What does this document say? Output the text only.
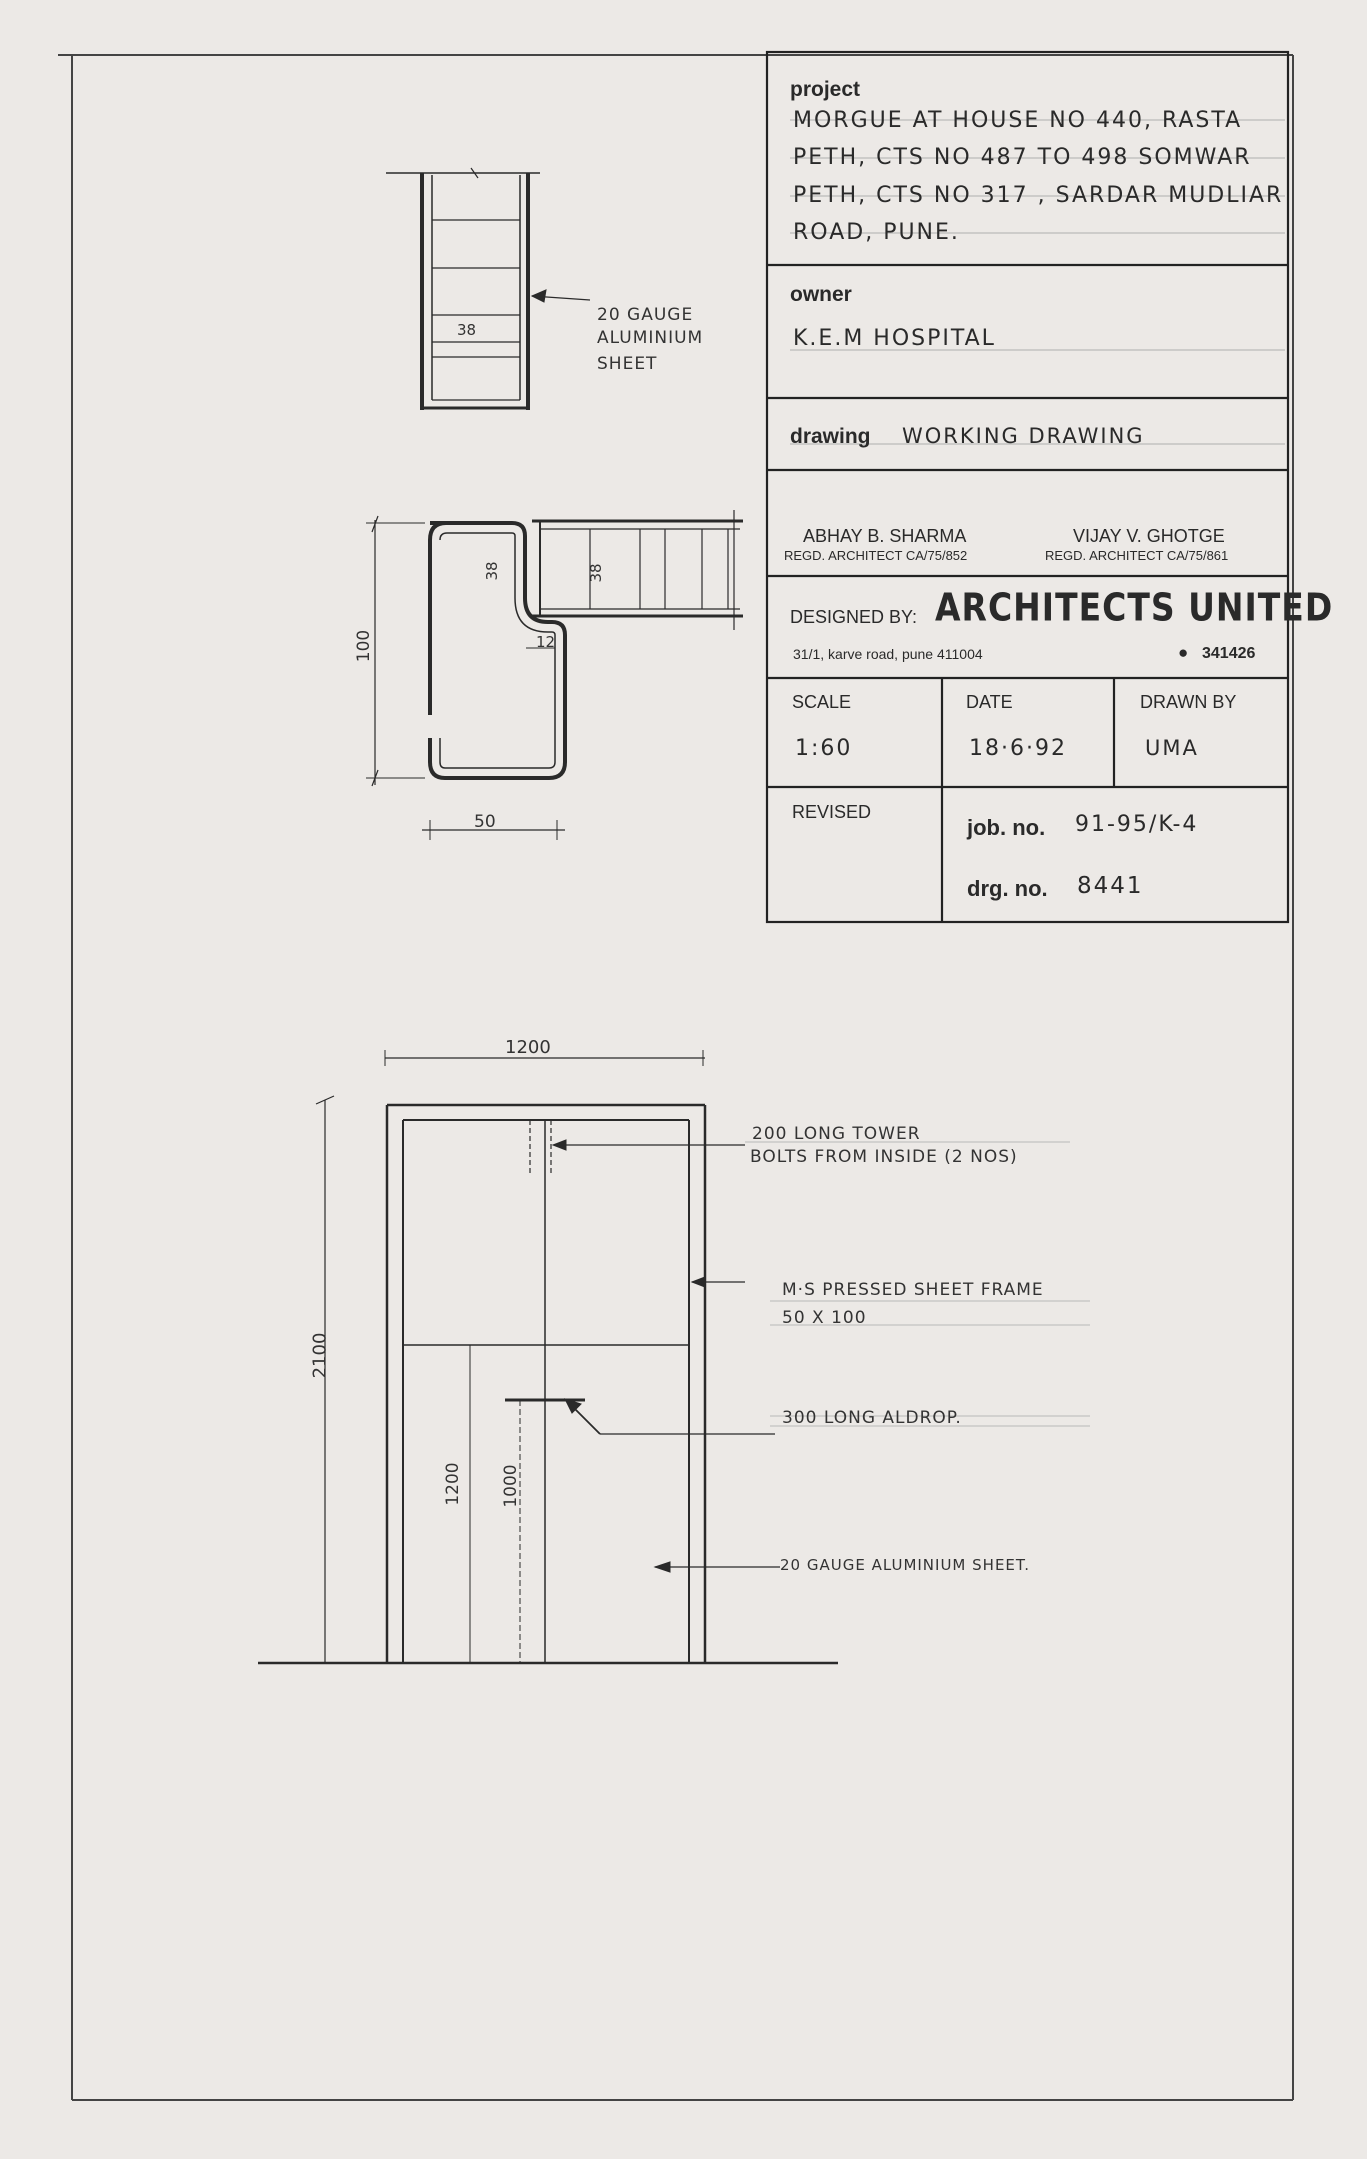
project
MORGUE AT HOUSE NO 440, RASTA
PETH, CTS NO 487 TO 498 SOMWAR
PETH, CTS NO 317 , SARDAR MUDLIAR
ROAD, PUNE.
owner
K.E.M HOSPITAL
drawing WORKING DRAWING
ABHAY B. SHARMA
REGD. ARCHITECT CA/75/852
VIJAY V. GHOTGE
REGD. ARCHITECT CA/75/861
DESIGNED BY: ARCHITECTS UNITED
31/1, karve road, pune 411004	● 341426
SCALE
1:60
DATE
18·6·92
DRAWN BY
UMA
REVISED
job. no. 91-95/K-4
drg. no. 8441
20 GAUGE
ALUMINIUM
SHEET
38
100
50
38	38
12
1200
2100
1200 1000
200 LONG TOWER
BOLTS FROM INSIDE (2 NOS)
M·S PRESSED SHEET FRAME
50 X 100
300 LONG ALDROP.
20 GAUGE ALUMINIUM SHEET.
